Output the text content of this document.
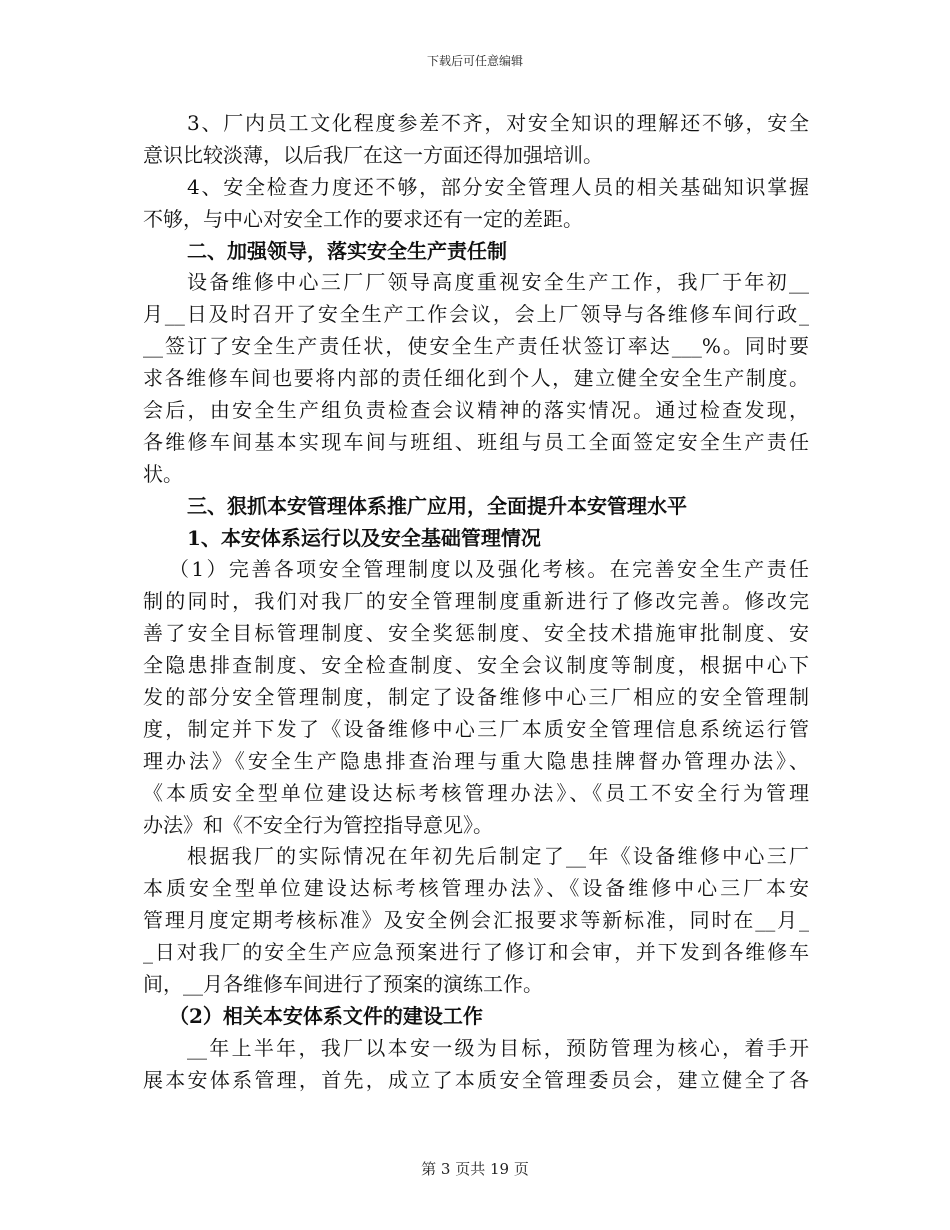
下载后可任意编辑
3、厂内员工文化程度参差不齐，对安全知识的理解还不够，安全
意识比较淡薄，以后我厂在这一方面还得加强培训。
4、安全检查力度还不够，部分安全管理人员的相关基础知识掌握
不够，与中心对安全工作的要求还有一定的差距。
二、加强领导，落实安全生产责任制
设备维修中心三厂厂领导高度重视安全生产工作，我厂于年初__
月__日及时召开了安全生产工作会议，会上厂领导与各维修车间行政_
__签订了安全生产责任状，使安全生产责任状签订率达___%。同时要
求各维修车间也要将内部的责任细化到个人，建立健全安全生产制度。
会后，由安全生产组负责检查会议精神的落实情况。通过检查发现，
各维修车间基本实现车间与班组、班组与员工全面签定安全生产责任
状。
三、狠抓本安管理体系推广应用，全面提升本安管理水平
1、本安体系运行以及安全基础管理情况
（1）完善各项安全管理制度以及强化考核。在完善安全生产责任
制的同时，我们对我厂的安全管理制度重新进行了修改完善。修改完
善了安全目标管理制度、安全奖惩制度、安全技术措施审批制度、安
全隐患排查制度、安全检查制度、安全会议制度等制度，根据中心下
发的部分安全管理制度，制定了设备维修中心三厂相应的安全管理制
度，制定并下发了《设备维修中心三厂本质安全管理信息系统运行管
理办法》《安全生产隐患排查治理与重大隐患挂牌督办管理办法》、
《本质安全型单位建设达标考核管理办法》、《员工不安全行为管理
办法》和《不安全行为管控指导意见》。
根据我厂的实际情况在年初先后制定了__年《设备维修中心三厂
本质安全型单位建设达标考核管理办法》、《设备维修中心三厂本安
管理月度定期考核标准》及安全例会汇报要求等新标准，同时在__月_
_日对我厂的安全生产应急预案进行了修订和会审，并下发到各维修车
间，__月各维修车间进行了预案的演练工作。
（2）相关本安体系文件的建设工作
__年上半年，我厂以本安一级为目标，预防管理为核心，着手开
展本安体系管理，首先，成立了本质安全管理委员会，建立健全了各
第 3 页共 19 页
